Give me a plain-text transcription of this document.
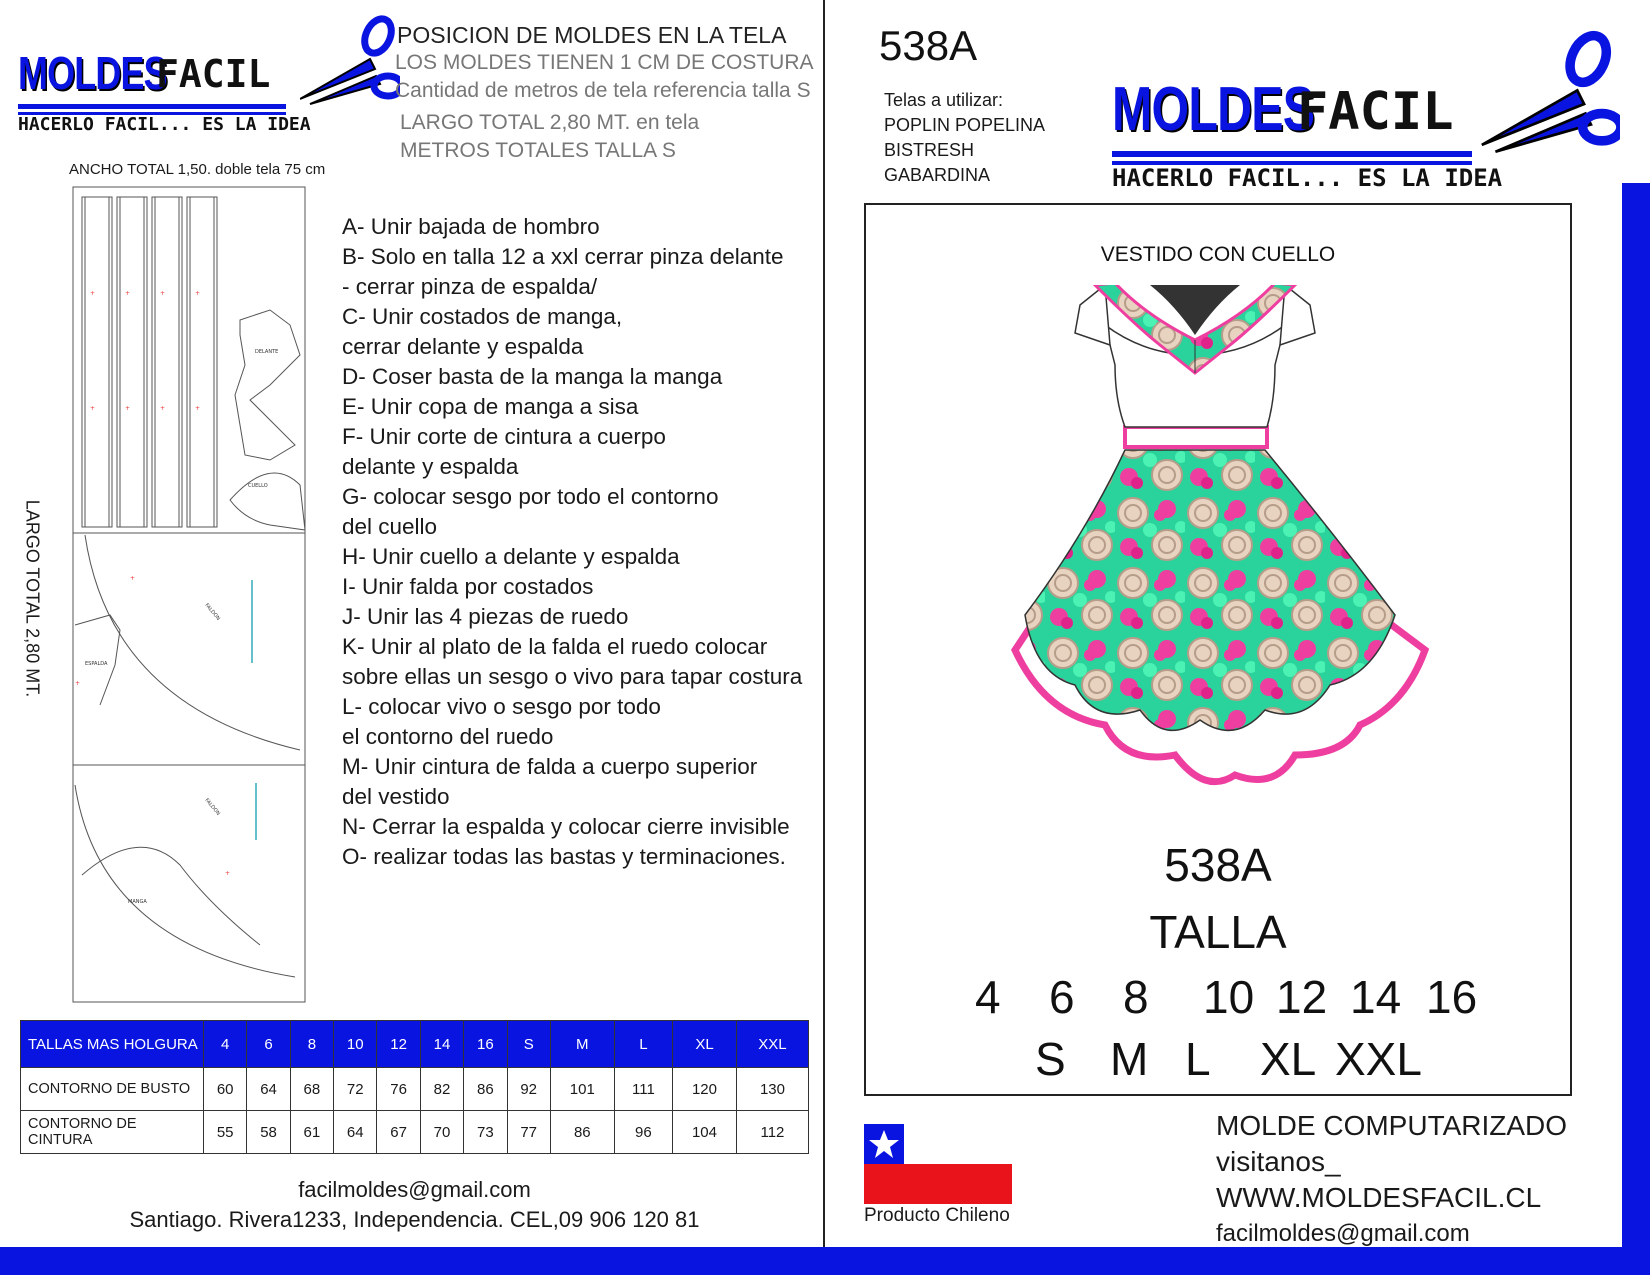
MOLDES
FACIL
HACERLO FACIL... ES LA IDEA
POSICION DE MOLDES EN LA TELA
LOS MOLDES TIENEN 1 CM DE COSTURA
Cantidad de metros de tela referencia talla S
LARGO TOTAL 2,80 MT. en tela
METROS TOTALES TALLA S
ANCHO TOTAL 1,50. doble tela 75 cm
LARGO TOTAL 2,80 MT.
+	+	+	+
+	+	+	+
+
+
+
FALDON
FALDON
MANGA
ESPALDA
DELANTE
CUELLO
A- Unir bajada de hombro
B- Solo en talla 12 a xxl cerrar pinza delante
- cerrar pinza de espalda/
C- Unir costados de manga,
cerrar delante y espalda
D- Coser basta de la manga la manga
E- Unir copa de manga a sisa
F- Unir corte de cintura a cuerpo
delante y espalda
G- colocar sesgo por todo el contorno
del cuello
H- Unir cuello a delante y espalda
I- Unir falda por costados
J- Unir las 4 piezas de ruedo
K- Unir al plato de la falda el ruedo colocar
sobre ellas un sesgo o vivo para tapar costura
L- colocar vivo o sesgo por todo
el contorno del ruedo
M- Unir cintura de falda a cuerpo superior
del vestido
N- Cerrar la espalda y colocar cierre invisible
O- realizar todas las bastas y terminaciones.
TALLAS MAS HOLGURA	4	6	8	10	12	14	16	S	M	L	XL	XXL
CONTORNO DE BUSTO	60	64	68	72	76	82	86	92	101	111	120	130
CONTORNO DE CINTURA	55	58	61	64	67	70	73	77	86	96	104	112
facilmoldes@gmail.com
Santiago. Rivera1233, Independencia. CEL,09 906 120 81
538A
Telas a utilizar:
POPLIN POPELINA
BISTRESH
GABARDINA
MOLDES
FACIL
HACERLO FACIL... ES LA IDEA
VESTIDO CON CUELLO
538A
TALLA
4 6 8 10 12 14 16
S M L XL XXL
Producto Chileno
MOLDE COMPUTARIZADO
visitanos_
WWW.MOLDESFACIL.CL
facilmoldes@gmail.com
